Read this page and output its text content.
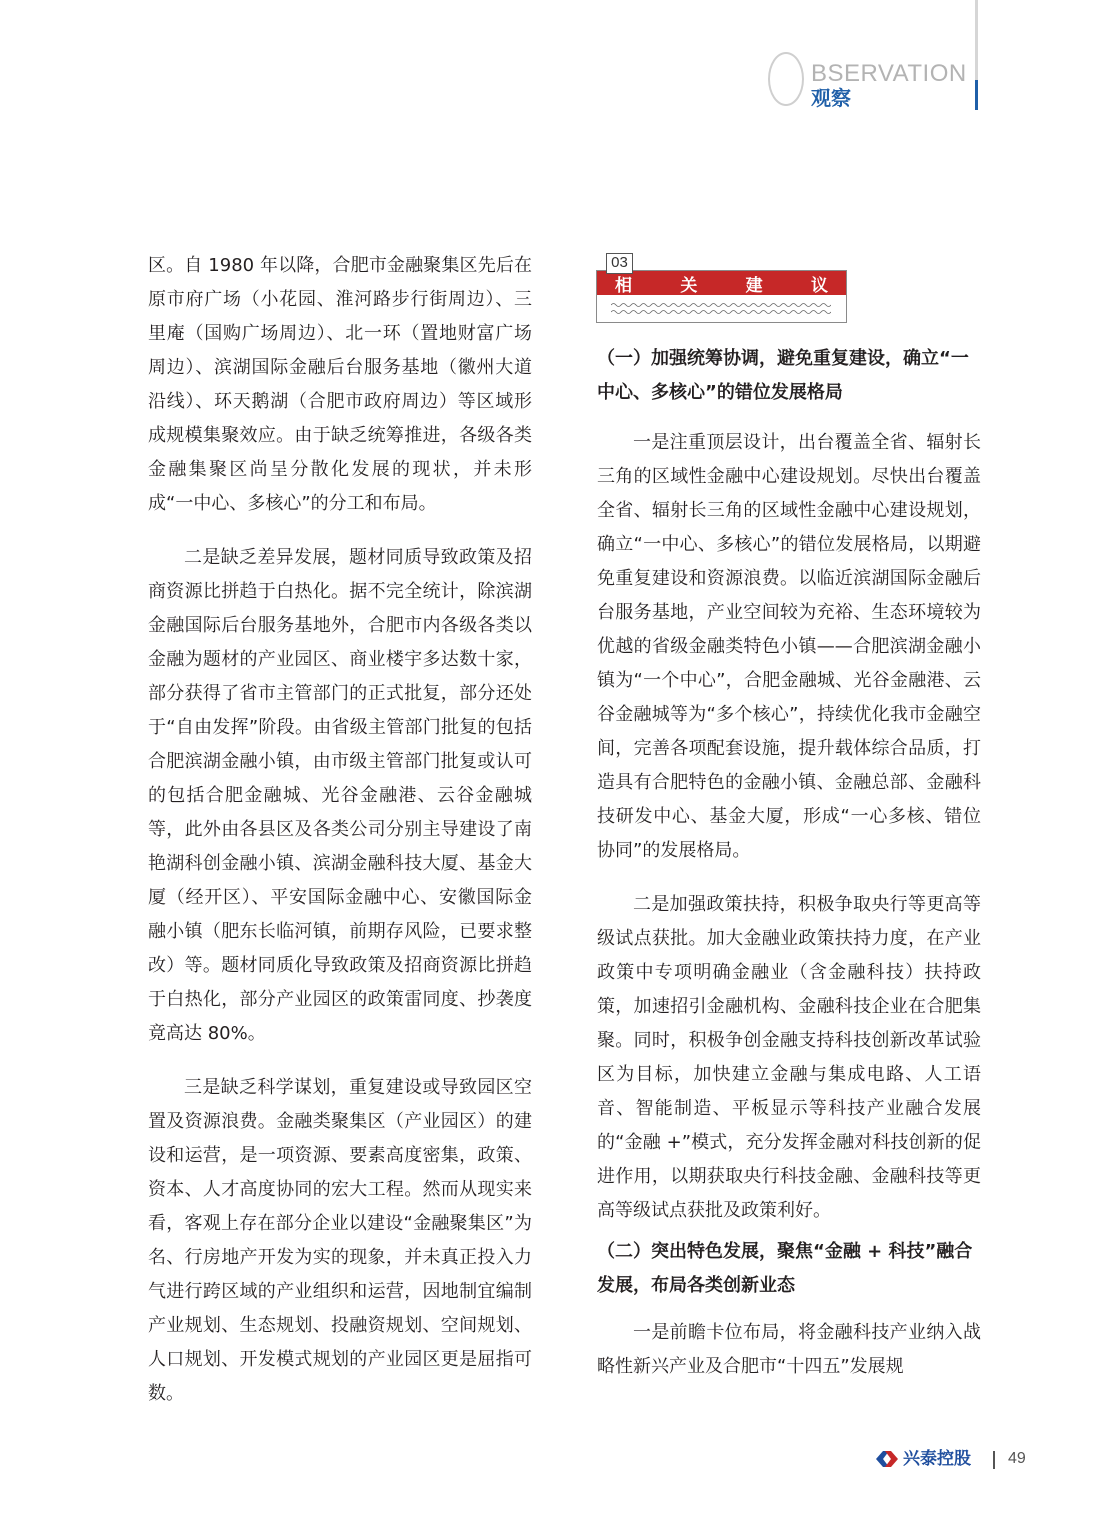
BSERVATION
观察

区。自 1980 年以降，合肥市金融聚集区先后在原市府广场（小花园、淮河路步行街周边）、三里庵（国购广场周边）、北一环（置地财富广场周边）、滨湖国际金融后台服务基地（徽州大道沿线）、环天鹅湖（合肥市政府周边）等区域形成规模集聚效应。由于缺乏统筹推进，各级各类金融集聚区尚呈分散化发展的现状，并未形成“一中心、多核心”的分工和布局。

二是缺乏差异发展，题材同质导致政策及招商资源比拼趋于白热化。据不完全统计，除滨湖金融国际后台服务基地外，合肥市内各级各类以金融为题材的产业园区、商业楼宇多达数十家，部分获得了省市主管部门的正式批复，部分还处于“自由发挥”阶段。由省级主管部门批复的包括合肥滨湖金融小镇，由市级主管部门批复或认可的包括合肥金融城、光谷金融港、云谷金融城等，此外由各县区及各类公司分别主导建设了南艳湖科创金融小镇、滨湖金融科技大厦、基金大厦（经开区）、平安国际金融中心、安徽国际金融小镇（肥东长临河镇，前期存风险，已要求整改）等。题材同质化导致政策及招商资源比拼趋于白热化，部分产业园区的政策雷同度、抄袭度竟高达 80%。

三是缺乏科学谋划，重复建设或导致园区空置及资源浪费。金融类聚集区（产业园区）的建设和运营，是一项资源、要素高度密集，政策、资本、人才高度协同的宏大工程。然而从现实来看，客观上存在部分企业以建设“金融聚集区”为名、行房地产开发为实的现象，并未真正投入力气进行跨区域的产业组织和运营，因地制宜编制产业规划、生态规划、投融资规划、空间规划、人口规划、开发模式规划的产业园区更是屈指可数。

相	关	建	议
03
（一）加强统筹协调，避免重复建设，确立“一中心、多核心”的错位发展格局

一是注重顶层设计，出台覆盖全省、辐射长三角的区域性金融中心建设规划。尽快出台覆盖全省、辐射长三角的区域性金融中心建设规划，确立“一中心、多核心”的错位发展格局，以期避免重复建设和资源浪费。以临近滨湖国际金融后台服务基地，产业空间较为充裕、生态环境较为优越的省级金融类特色小镇——合肥滨湖金融小镇为“一个中心”，合肥金融城、光谷金融港、云谷金融城等为“多个核心”，持续优化我市金融空间，完善各项配套设施，提升载体综合品质，打造具有合肥特色的金融小镇、金融总部、金融科技研发中心、基金大厦，形成“一心多核、错位协同”的发展格局。

二是加强政策扶持，积极争取央行等更高等级试点获批。加大金融业政策扶持力度，在产业政策中专项明确金融业（含金融科技）扶持政策，加速招引金融机构、金融科技企业在合肥集聚。同时，积极争创金融支持科技创新改革试验区为目标，加快建立金融与集成电路、人工语音、智能制造、平板显示等科技产业融合发展的“金融 +”模式，充分发挥金融对科技创新的促进作用，以期获取央行科技金融、金融科技等更高等级试点获批及政策利好。

（二）突出特色发展，聚焦“金融 + 科技”融合发展，布局各类创新业态

一是前瞻卡位布局，将金融科技产业纳入战略性新兴产业及合肥市“十四五”发展规

兴泰控股 49
